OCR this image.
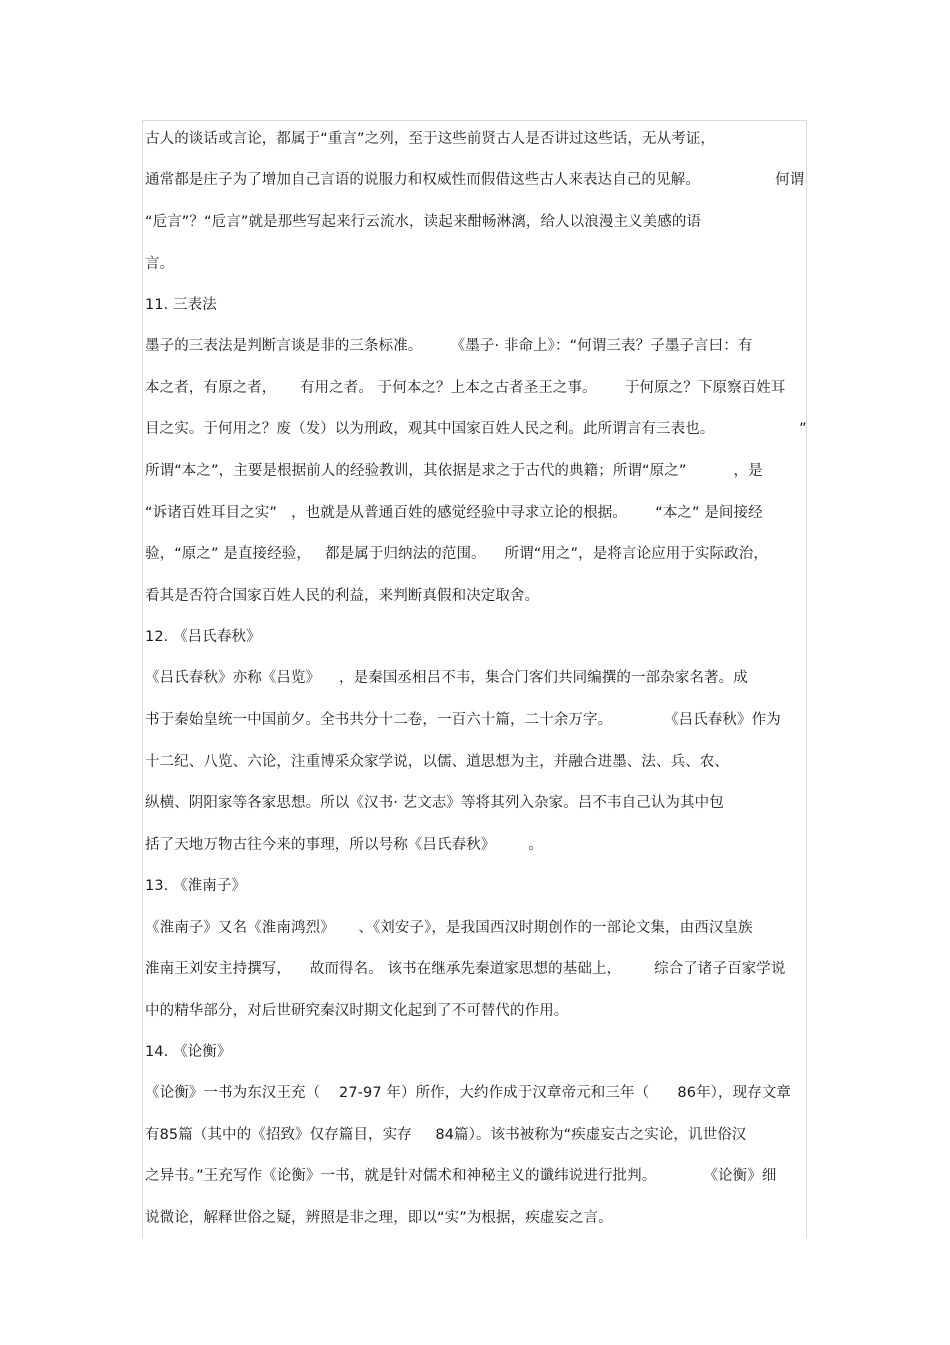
古人的谈话或言论，都属于“重言”之列，至于这些前贤古人是否讲过这些话，无从考证，
通常都是庄子为了增加自己言语的说服力和权威性而假借这些古人来表达自己的见解。                何谓
“卮言”？“卮言”就是那些写起来行云流水，读起来酣畅淋漓，给人以浪漫主义美感的语
言。
11. 三表法
墨子的三表法是判断言谈是非的三条标准。      《墨子· 非命上》：“何谓三表？子墨子言曰：有
本之者，有原之者，     有用之者。 于何本之？上本之古者圣王之事。      于何原之？下原察百姓耳
目之实。于何用之？废（发）以为刑政，观其中国家百姓人民之利。此所谓言有三表也。                  ”
所谓“本之”，主要是根据前人的经验教训，其依据是求之于古代的典籍；所谓“原之”          ，是
“诉诸百姓耳目之实”   ，也就是从普通百姓的感觉经验中寻求立论的根据。      “本之” 是间接经
验，“原之” 是直接经验，   都是属于归纳法的范围。    所谓“用之”，是将言论应用于实际政治，
看其是否符合国家百姓人民的利益，来判断真假和决定取舍。
12. 《吕氏春秋》
《吕氏春秋》亦称《吕览》    ，是秦国丞相吕不韦，集合门客们共同编撰的一部杂家名著。成
书于秦始皇统一中国前夕。全书共分十二卷，一百六十篇，二十余万字。           《吕氏春秋》作为
十二纪、八览、六论，注重博采众家学说，以儒、道思想为主，并融合进墨、法、兵、农、
纵横、阴阳家等各家思想。所以《汉书· 艺文志》等将其列入杂家。吕不韦自己认为其中包
括了天地万物古往今来的事理，所以号称《吕氏春秋》       。
13. 《淮南子》
《淮南子》又名《淮南鸿烈》     、《刘安子》，是我国西汉时期创作的一部论文集，由西汉皇族
淮南王刘安主持撰写，    故而得名。 该书在继承先秦道家思想的基础上，       综合了诸子百家学说
中的精华部分，对后世研究秦汉时期文化起到了不可替代的作用。
14. 《论衡》
《论衡》一书为东汉王充（    27-97 年）所作，大约作成于汉章帝元和三年（      86年），现存文章
有85篇（其中的《招致》仅存篇目，实存     84篇）。该书被称为“疾虚妄古之实论，讥世俗汉
之异书。”王充写作《论衡》一书，就是针对儒术和神秘主义的谶纬说进行批判。          《论衡》细
说微论，解释世俗之疑，辨照是非之理，即以“实”为根据，疾虚妄之言。
